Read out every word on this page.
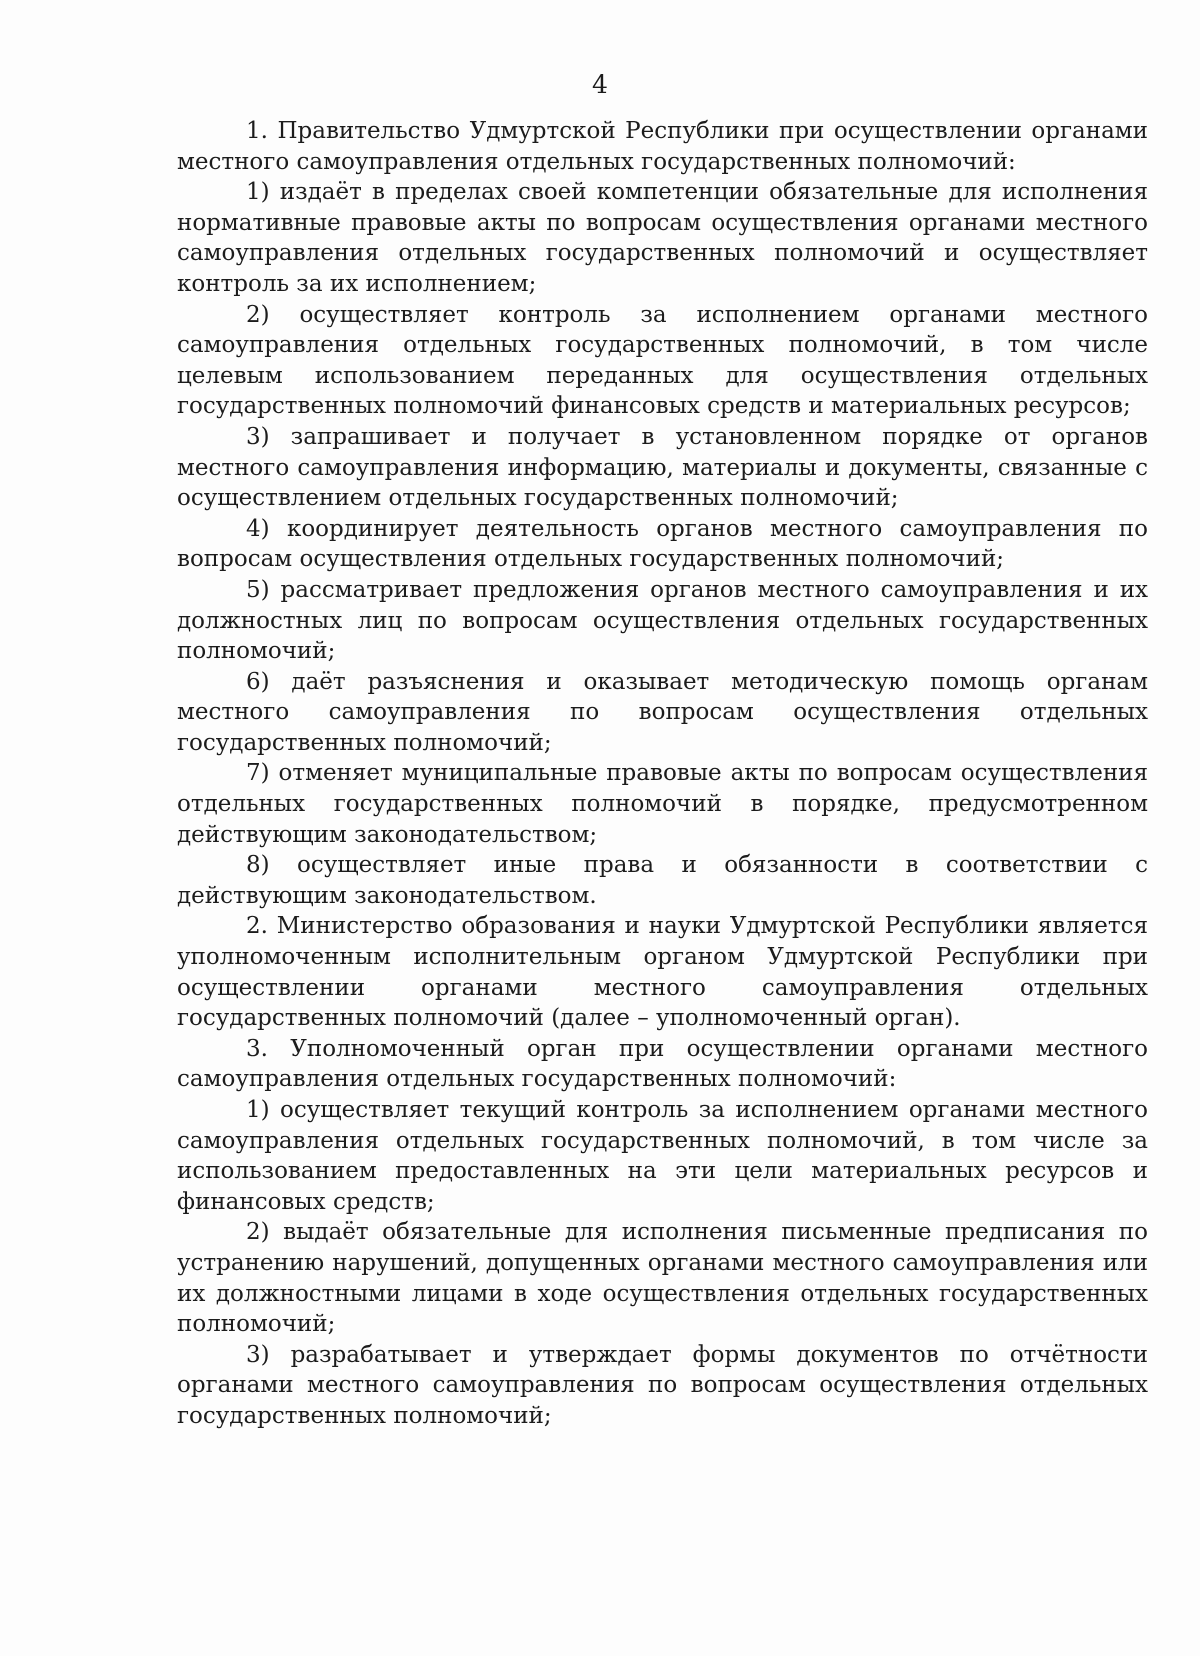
4

1. Правительство Удмуртской Республики при осуществлении органами местного самоуправления отдельных государственных полномочий:

1) издаёт в пределах своей компетенции обязательные для исполнения нормативные правовые акты по вопросам осуществления органами местного самоуправления отдельных государственных полномочий и осуществляет контроль за их исполнением;

2) осуществляет контроль за исполнением органами местного самоуправления отдельных государственных полномочий, в том числе целевым использованием переданных для осуществления отдельных государственных полномочий финансовых средств и материальных ресурсов;

3) запрашивает и получает в установленном порядке от органов местного самоуправления информацию, материалы и документы, связанные с осуществлением отдельных государственных полномочий;

4) координирует деятельность органов местного самоуправления по вопросам осуществления отдельных государственных полномочий;

5) рассматривает предложения органов местного самоуправления и их должностных лиц по вопросам осуществления отдельных государственных полномочий;

6) даёт разъяснения и оказывает методическую помощь органам местного самоуправления по вопросам осуществления отдельных государственных полномочий;

7) отменяет муниципальные правовые акты по вопросам осуществления отдельных государственных полномочий в порядке, предусмотренном действующим законодательством;

8) осуществляет иные права и обязанности в соответствии с действующим законодательством.

2. Министерство образования и науки Удмуртской Республики является уполномоченным исполнительным органом Удмуртской Республики при осуществлении органами местного самоуправления отдельных государственных полномочий (далее – уполномоченный орган).

3. Уполномоченный орган при осуществлении органами местного самоуправления отдельных государственных полномочий:

1) осуществляет текущий контроль за исполнением органами местного самоуправления отдельных государственных полномочий, в том числе за использованием предоставленных на эти цели материальных ресурсов и финансовых средств;

2) выдаёт обязательные для исполнения письменные предписания по устранению нарушений, допущенных органами местного самоуправления или их должностными лицами в ходе осуществления отдельных государственных полномочий;

3) разрабатывает и утверждает формы документов по отчётности органами местного самоуправления по вопросам осуществления отдельных государственных полномочий;
